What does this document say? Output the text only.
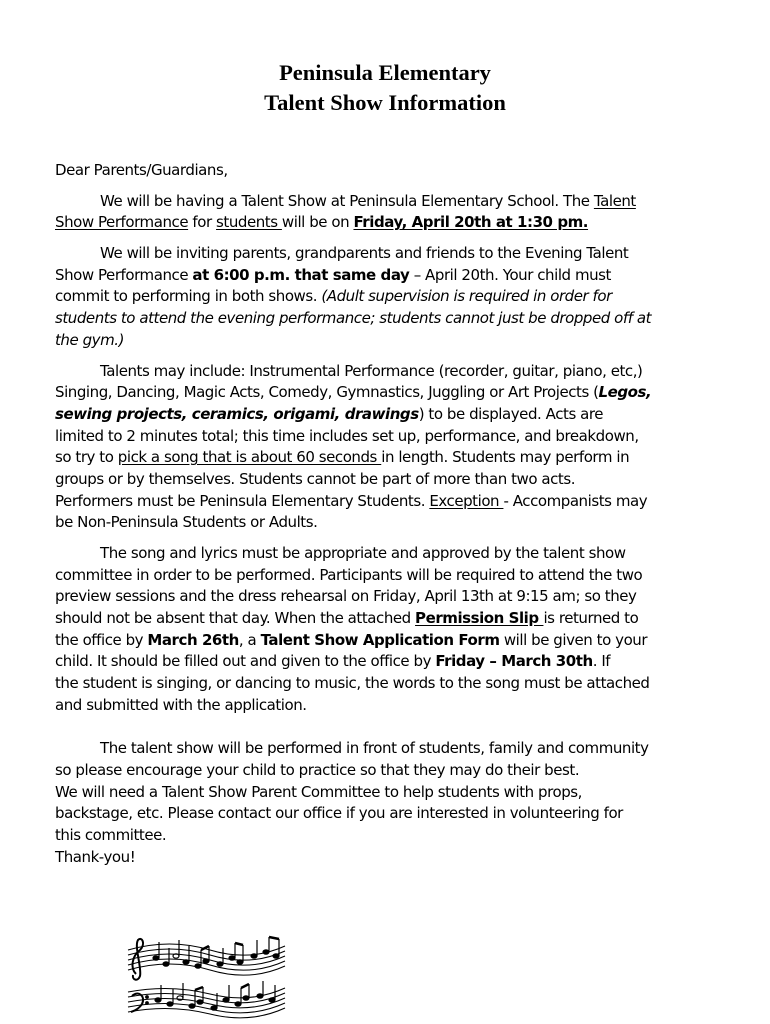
Peninsula Elementary
Talent Show Information
Dear Parents/Guardians,
We will be having a Talent Show at Peninsula Elementary School. The Talent
Show Performance for students will be on Friday, April 20th at 1:30 pm.
We will be inviting parents, grandparents and friends to the Evening Talent
Show Performance at 6:00 p.m. that same day – April 20th. Your child must
commit to performing in both shows. (Adult supervision is required in order for
students to attend the evening performance; students cannot just be dropped off at
the gym.)
Talents may include: Instrumental Performance (recorder, guitar, piano, etc,)
Singing, Dancing, Magic Acts, Comedy, Gymnastics, Juggling or Art Projects (Legos,
sewing projects, ceramics, origami, drawings) to be displayed. Acts are
limited to 2 minutes total; this time includes set up, performance, and breakdown,
so try to pick a song that is about 60 seconds in length. Students may perform in
groups or by themselves. Students cannot be part of more than two acts.
Performers must be Peninsula Elementary Students. Exception - Accompanists may
be Non-Peninsula Students or Adults.
The song and lyrics must be appropriate and approved by the talent show
committee in order to be performed. Participants will be required to attend the two
preview sessions and the dress rehearsal on Friday, April 13th at 9:15 am; so they
should not be absent that day. When the attached Permission Slip is returned to
the office by March 26th, a Talent Show Application Form will be given to your
child. It should be filled out and given to the office by Friday – March 30th. If
the student is singing, or dancing to music, the words to the song must be attached
and submitted with the application.
The talent show will be performed in front of students, family and community
so please encourage your child to practice so that they may do their best.
We will need a Talent Show Parent Committee to help students with props,
backstage, etc. Please contact our office if you are interested in volunteering for
this committee.
Thank-you!
